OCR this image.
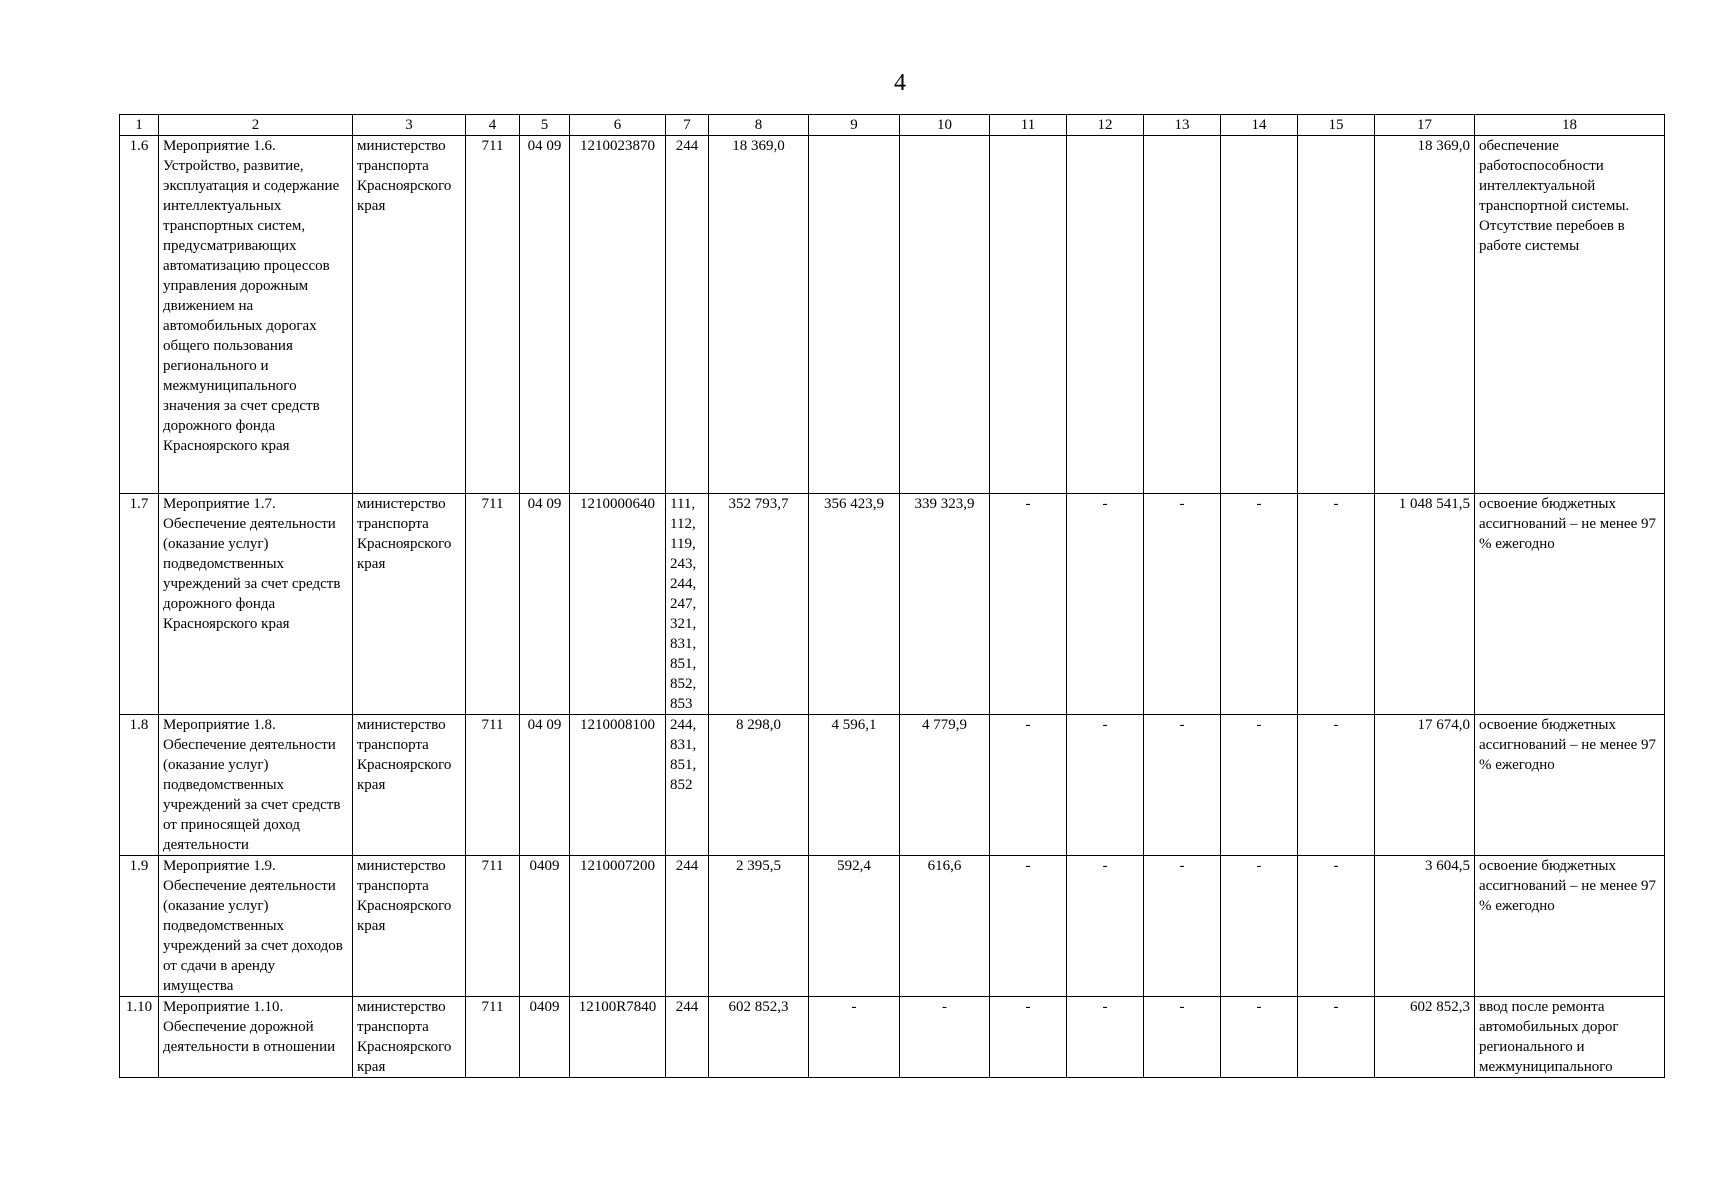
4
1	2	3	4	5	6	7	8	9	10	11	12	13	14	15	17	18
1.6	Мероприятие 1.6. Устройство, развитие, эксплуатация и содержание интеллектуальных транспортных систем, предусматривающих автоматизацию процессов управления дорожным движением на автомобильных дорогах общего пользования регионального и межмуниципального значения за счет средств дорожного фонда Красноярского края	министерство транспорта Красноярского края	711	04 09	1210023870	244	18 369,0								18 369,0	обеспечение работоспособности интеллектуальной транспортной системы. Отсутствие перебоев в работе системы
1.7	Мероприятие 1.7. Обеспечение деятельности (оказание услуг) подведомственных учреждений за счет средств дорожного фонда Красноярского края	министерство транспорта Красноярского края	711	04 09	1210000640	111, 112, 119, 243, 244, 247, 321, 831, 851, 852, 853	352 793,7	356 423,9	339 323,9	-	-	-	-	-	1 048 541,5	освоение бюджетных ассигнований – не менее 97 % ежегодно
1.8	Мероприятие 1.8. Обеспечение деятельности (оказание услуг) подведомственных учреждений за счет средств от приносящей доход деятельности	министерство транспорта Красноярского края	711	04 09	1210008100	244, 831, 851, 852	8 298,0	4 596,1	4 779,9	-	-	-	-	-	17 674,0	освоение бюджетных ассигнований – не менее 97 % ежегодно
1.9	Мероприятие 1.9. Обеспечение деятельности (оказание услуг) подведомственных учреждений за счет доходов от сдачи в аренду имущества	министерство транспорта Красноярского края	711	0409	1210007200	244	2 395,5	592,4	616,6	-	-	-	-	-	3 604,5	освоение бюджетных ассигнований – не менее 97 % ежегодно
1.10	Мероприятие 1.10. Обеспечение дорожной деятельности в отношении	министерство транспорта Красноярского края	711	0409	12100R7840	244	602 852,3	-	-	-	-	-	-	-	602 852,3	ввод после ремонта автомобильных дорог регионального и межмуниципального
